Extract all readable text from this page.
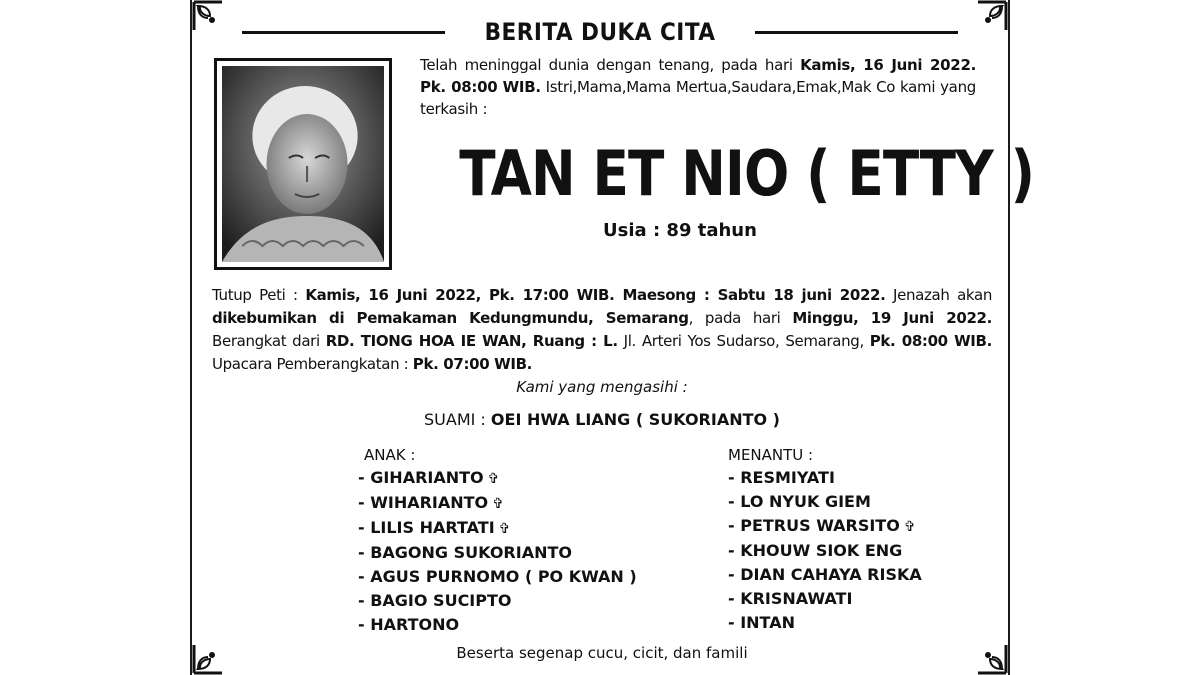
BERITA DUKA CITA
Telah meninggal dunia dengan tenang, pada hari Kamis, 16 Juni 2022. Pk. 08:00 WIB. Istri,Mama,Mama Mertua,Saudara,Emak,Mak Co kami yang terkasih :
TAN ET NIO ( ETTY )
Usia : 89 tahun
Tutup Peti : Kamis, 16 Juni 2022, Pk. 17:00 WIB. Maesong : Sabtu 18 juni 2022. Jenazah akan dikebumikan di Pemakaman Kedungmundu, Semarang, pada hari Minggu, 19 Juni 2022. Berangkat dari RD. TIONG HOA IE WAN, Ruang : L. Jl. Arteri Yos Sudarso, Semarang, Pk. 08:00 WIB. Upacara Pemberangkatan : Pk. 07:00 WIB.
Kami yang mengasihi :
SUAMI : OEI HWA LIANG ( SUKORIANTO )
ANAK :
- GIHARIANTO ✞
- WIHARIANTO ✞
- LILIS HARTATI ✞
- BAGONG SUKORIANTO
- AGUS PURNOMO ( PO KWAN )
- BAGIO SUCIPTO
- HARTONO
MENANTU :
- RESMIYATI
- LO NYUK GIEM
- PETRUS WARSITO ✞
- KHOUW SIOK ENG
- DIAN CAHAYA RISKA
- KRISNAWATI
- INTAN
Beserta segenap cucu, cicit, dan famili
